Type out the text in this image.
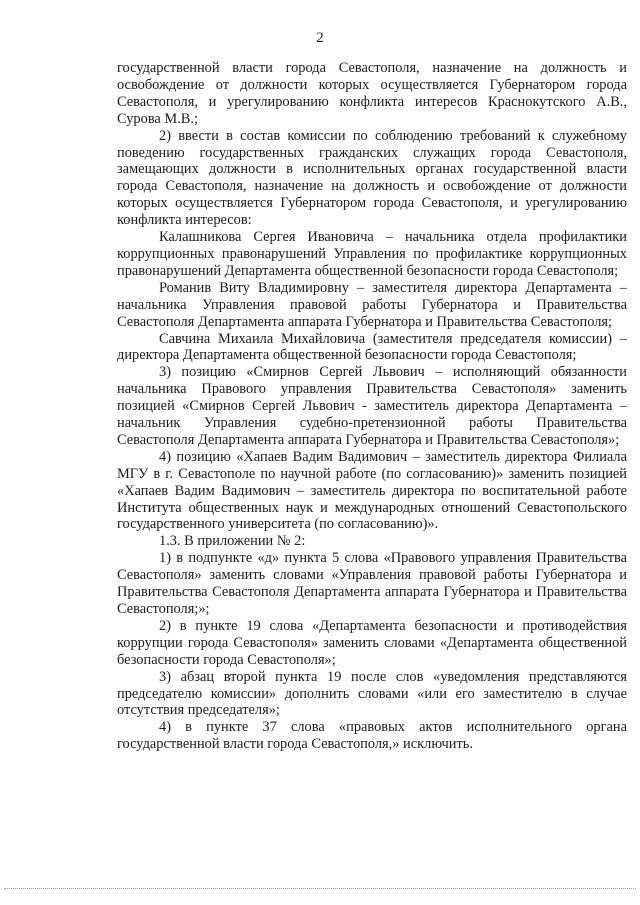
2

государственной власти города Севастополя, назначение на должность и освобождение от должности которых осуществляется Губернатором города Севастополя, и урегулированию конфликта интересов Краснокутского А.В., Сурова М.В.;

2) ввести в состав комиссии по соблюдению требований к служебному поведению государственных гражданских служащих города Севастополя, замещающих должности в исполнительных органах государственной власти города Севастополя, назначение на должность и освобождение от должности которых осуществляется Губернатором города Севастополя, и урегулированию конфликта интересов:

Калашникова Сергея Ивановича – начальника отдела профилактики коррупционных правонарушений Управления по профилактике коррупционных правонарушений Департамента общественной безопасности города Севастополя;

Романив Виту Владимировну – заместителя директора Департамента – начальника Управления правовой работы Губернатора и Правительства Севастополя Департамента аппарата Губернатора и Правительства Севастополя;

Савчина Михаила Михайловича (заместителя председателя комиссии) – директора Департамента общественной безопасности города Севастополя;

3) позицию «Смирнов Сергей Львович – исполняющий обязанности начальника Правового управления Правительства Севастополя» заменить позицией «Смирнов Сергей Львович - заместитель директора Департамента – начальник Управления судебно-претензионной работы Правительства Севастополя Департамента аппарата Губернатора и Правительства Севастополя»;

4) позицию «Хапаев Вадим Вадимович – заместитель директора Филиала МГУ в г. Севастополе по научной работе (по согласованию)» заменить позицией «Хапаев Вадим Вадимович – заместитель директора по воспитательной работе Института общественных наук и международных отношений Севастопольского государственного университета (по согласованию)».

1.3. В приложении № 2:

1) в подпункте «д» пункта 5 слова «Правового управления Правительства Севастополя» заменить словами «Управления правовой работы Губернатора и Правительства Севастополя Департамента аппарата Губернатора и Правительства Севастополя;»;

2) в пункте 19 слова «Департамента безопасности и противодействия коррупции города Севастополя» заменить словами «Департамента общественной безопасности города Севастополя»;

3) абзац второй пункта 19 после слов «уведомления представляются председателю комиссии» дополнить словами «или его заместителю в случае отсутствия председателя»;

4) в пункте 37 слова «правовых актов исполнительного органа государственной власти города Севастополя,» исключить.
